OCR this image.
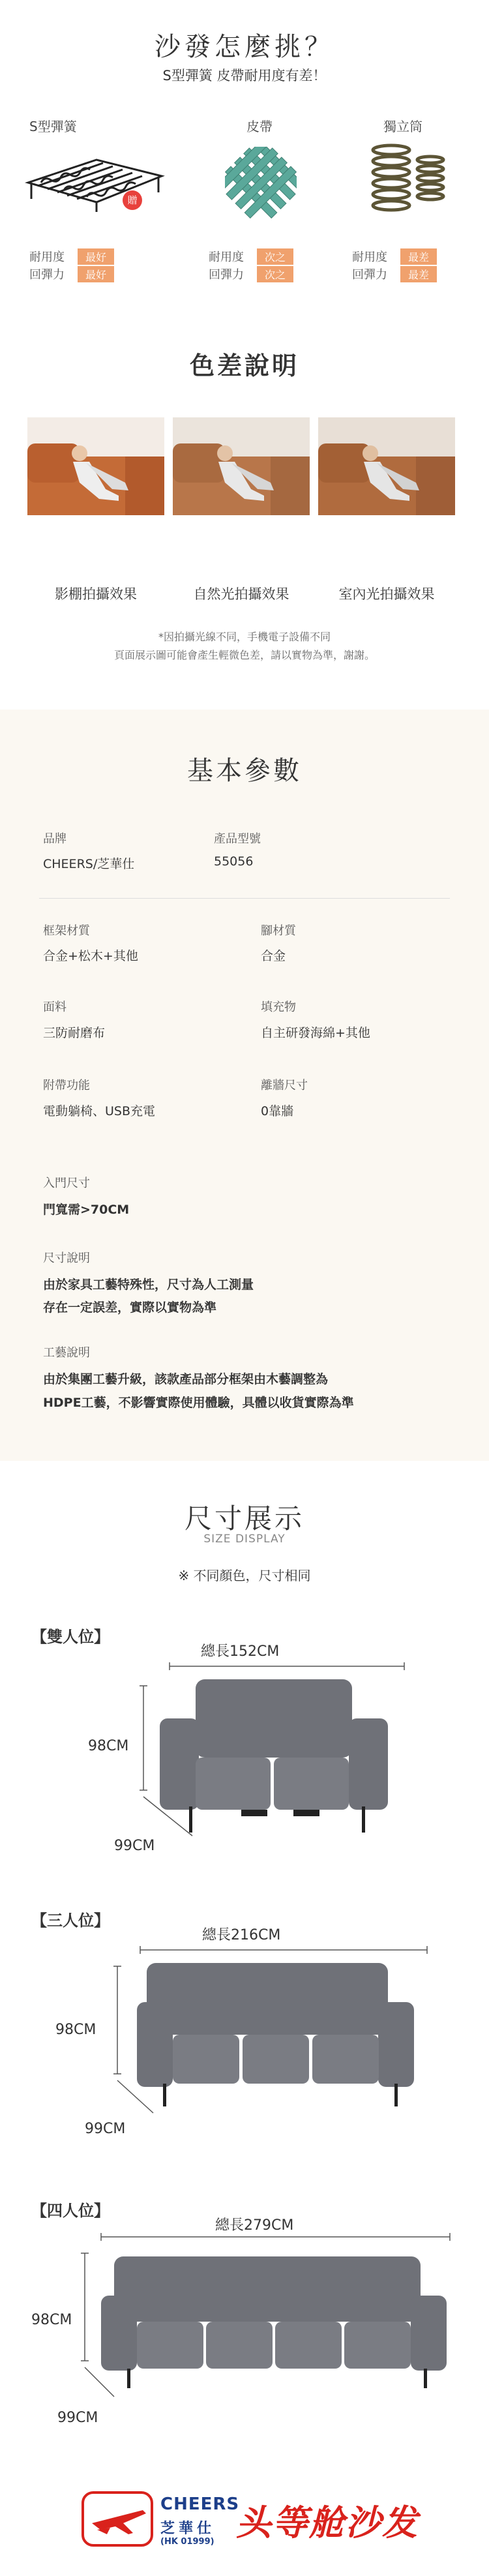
沙發怎麼挑？
S型彈簧 皮帶耐用度有差！
S型彈簧	皮帶	獨立筒
贈
耐用度 最好
回彈力 最好
耐用度 次之
回彈力 次之
耐用度 最差
回彈力 最差
色差說明
影棚拍攝效果	自然光拍攝效果	室內光拍攝效果
*因拍攝光線不同，手機電子設備不同
頁面展示圖可能會產生輕微色差，請以實物為準，謝謝。
基本參數
品牌
CHEERS/芝華仕
產品型號
55056
框架材質
合金+松木+其他
腳材質
合金
面料
三防耐磨布
填充物
自主研發海綿+其他
附帶功能
電動躺椅、USB充電
離牆尺寸
0靠牆
入門尺寸
門寬需>70CM
尺寸說明
由於家具工藝特殊性，尺寸為人工測量
存在一定誤差，實際以實物為準
工藝說明
由於集團工藝升級，該款產品部分框架由木藝調整為
HDPE工藝，不影響實際使用體驗，具體以收貨實際為準
尺寸展示
SIZE DISPLAY
※ 不同顏色，尺寸相同
【雙人位】
總長152CM
98CM
99CM
【三人位】
總長216CM
98CM
99CM
【四人位】
總長279CM
98CM
99CM
CHEERS
芝華仕
(HK 01999) 头等舱沙发
